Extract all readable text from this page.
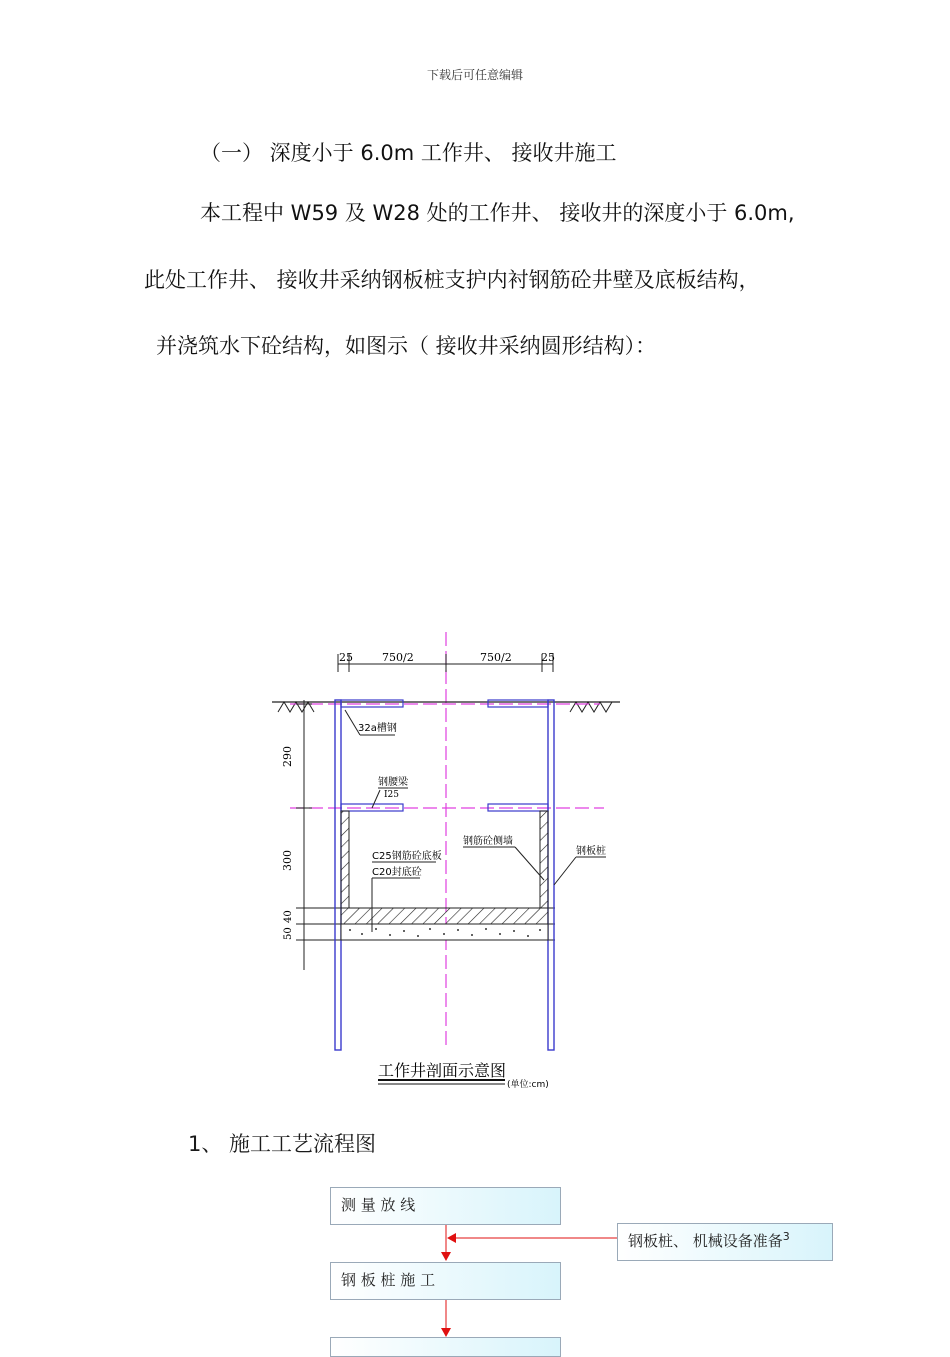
下载后可任意编辑
（一） 深度小于 6.0m 工作井、 接收井施工
本工程中 W59 及 W28 处的工作井、 接收井的深度小于 6.0m,
此处工作井、 接收井采纳钢板桩支护内衬钢筋砼井壁及底板结构，
并浇筑水下砼结构，如图示（ 接收井采纳圆形结构）：
25	750/2	750/2	25
290
300
50
40
32a槽钢
钢腰梁
I25
钢筋砼侧墙
钢板桩
C25钢筋砼底板
C20封底砼
工作井剖面示意图
(单位:cm)
1、 施工工艺流程图
测 量 放 线
钢板桩、 机械设备准备$^3$
钢 板 桩 施 工
